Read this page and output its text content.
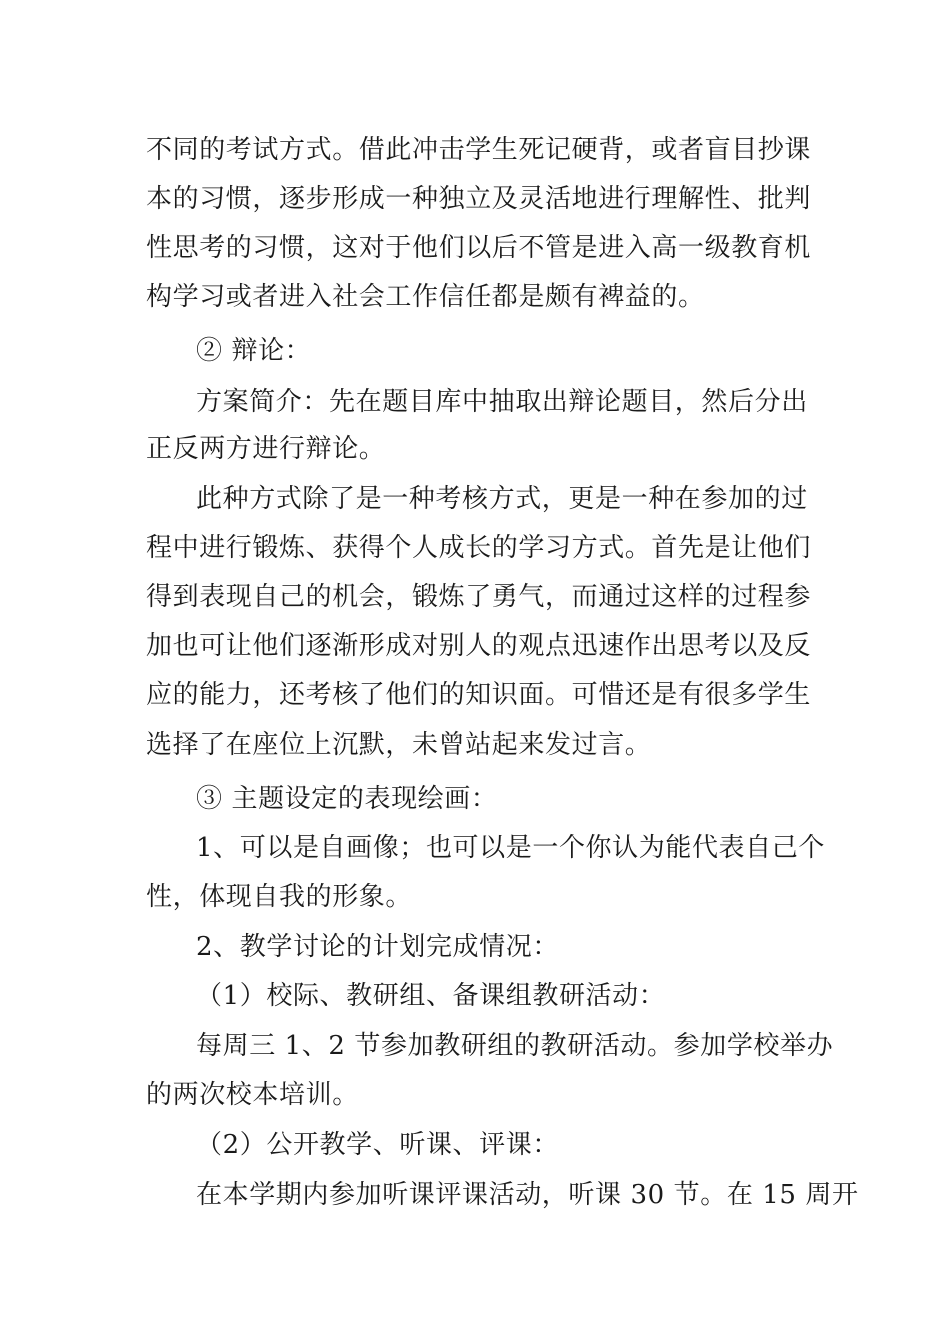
不同的考试方式。借此冲击学生死记硬背，或者盲目抄课
本的习惯，逐步形成一种独立及灵活地进行理解性、批判
性思考的习惯，这对于他们以后不管是进入高一级教育机
构学习或者进入社会工作信任都是颇有裨益的。
② 辩论：
方案简介：先在题目库中抽取出辩论题目，然后分出
正反两方进行辩论。
此种方式除了是一种考核方式，更是一种在参加的过
程中进行锻炼、获得个人成长的学习方式。首先是让他们
得到表现自己的机会，锻炼了勇气，而通过这样的过程参
加也可让他们逐渐形成对别人的观点迅速作出思考以及反
应的能力，还考核了他们的知识面。可惜还是有很多学生
选择了在座位上沉默，未曾站起来发过言。
③ 主题设定的表现绘画：
1、可以是自画像；也可以是一个你认为能代表自己个
性，体现自我的形象。
2、教学讨论的计划完成情况：
（1）校际、教研组、备课组教研活动：
每周三 1、2 节参加教研组的教研活动。参加学校举办
的两次校本培训。
（2）公开教学、听课、评课：
在本学期内参加听课评课活动，听课 30 节。在 15 周开
